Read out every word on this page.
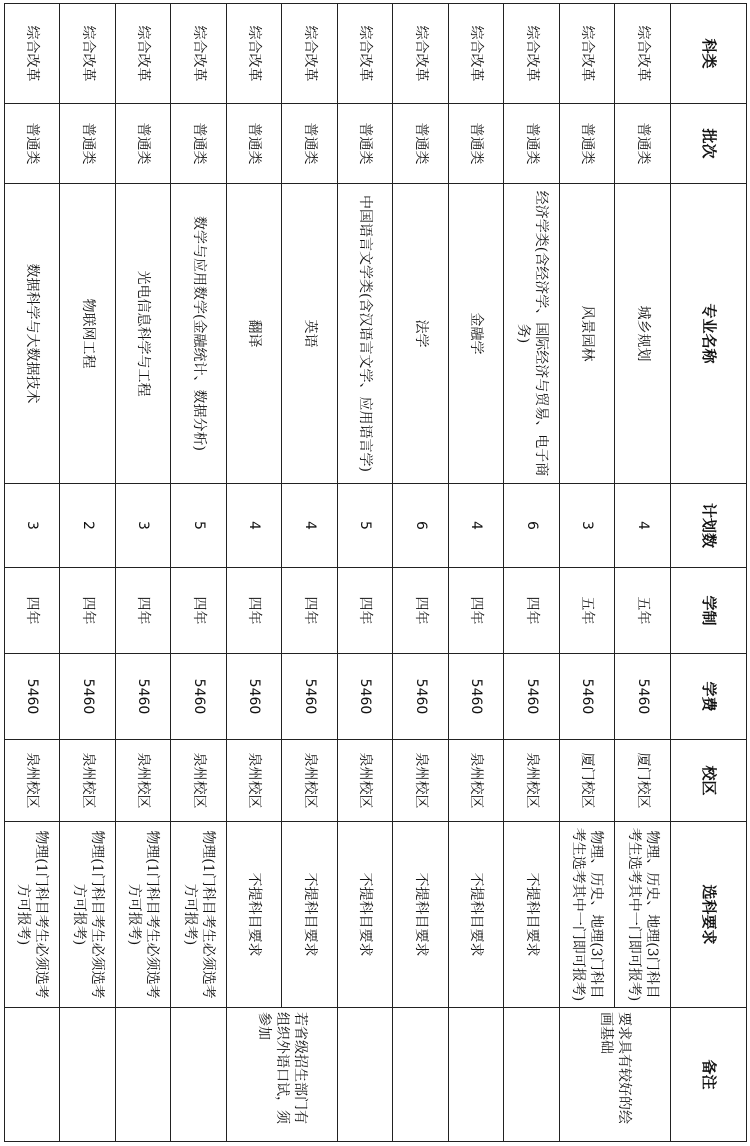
科类	批次	专业名称	计划数	学制	学费	校区	选科要求	备注
综合改革	普通类	城乡规划	4	五年	5460	厦门校区	物理、历史、地理(3门科目考生选考其中一门即可报考)	要求具有较好的绘画基础
综合改革	普通类	风景园林	3	五年	5460	厦门校区	物理、历史、地理(3门科目考生选考其中一门即可报考)	
综合改革	普通类	经济学类(含经济学、国际经济与贸易、电子商务)	6	四年	5460	泉州校区	不提科目要求	
综合改革	普通类	金融学	4	四年	5460	泉州校区	不提科目要求	
综合改革	普通类	法学	6	四年	5460	泉州校区	不提科目要求	
综合改革	普通类	中国语言文学类(含汉语言文学、应用语言学)	5	四年	5460	泉州校区	不提科目要求	
综合改革	普通类	英语	4	四年	5460	泉州校区	不提科目要求	若省级招生部门有组织外语口试，须参加
综合改革	普通类	翻译	4	四年	5460	泉州校区	不提科目要求	
综合改革	普通类	数学与应用数学(金融统计、数据分析)	5	四年	5460	泉州校区	物理(1门科目考生必须选考方可报考)	
综合改革	普通类	光电信息科学与工程	3	四年	5460	泉州校区	物理(1门科目考生必须选考方可报考)	
综合改革	普通类	物联网工程	2	四年	5460	泉州校区	物理(1门科目考生必须选考方可报考)	
综合改革	普通类	数据科学与大数据技术	3	四年	5460	泉州校区	物理(1门科目考生必须选考方可报考)	
